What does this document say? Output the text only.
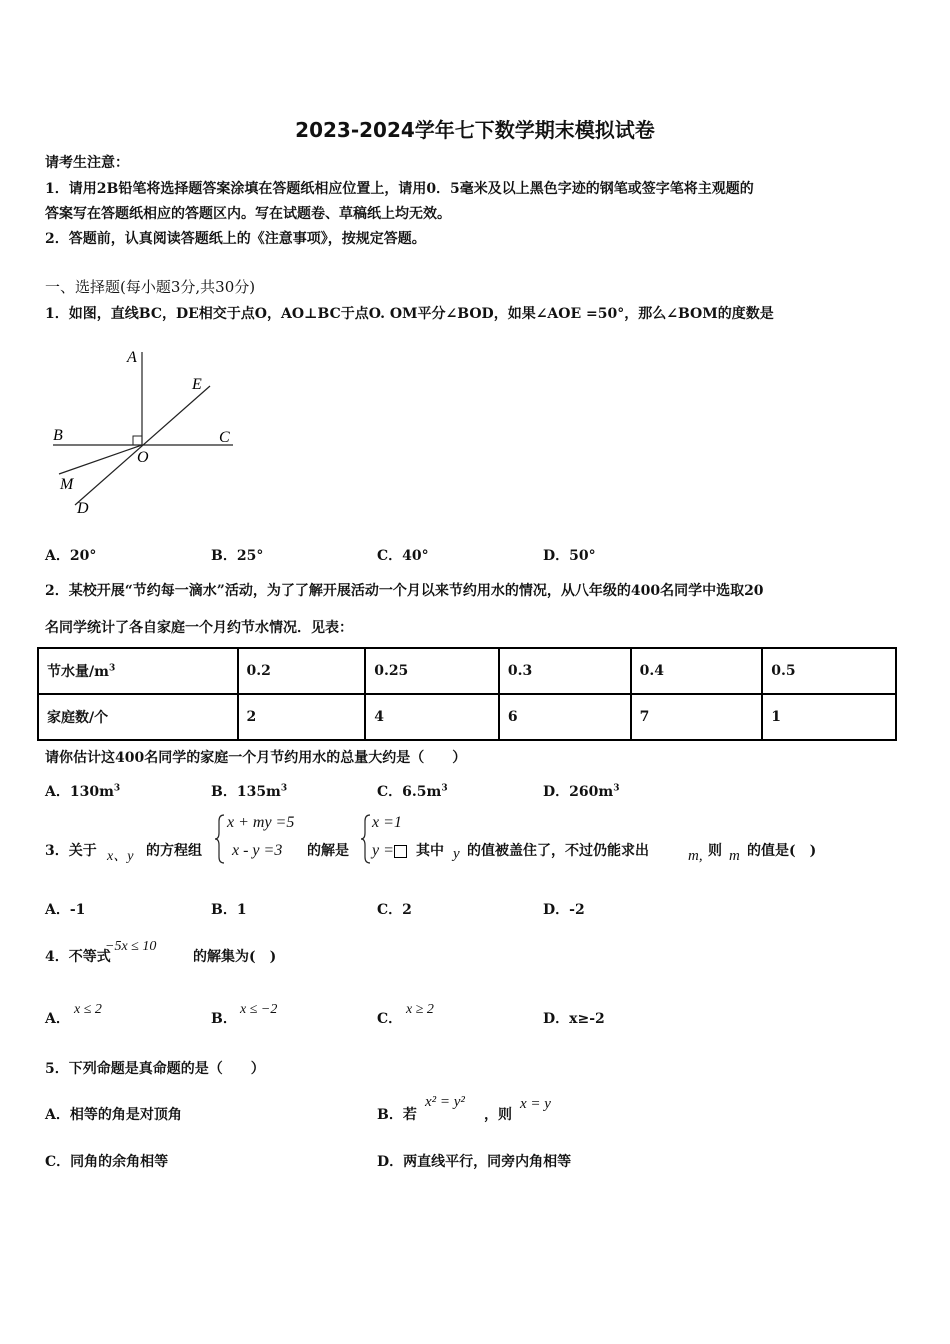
2023-2024学年七下数学期末模拟试卷
请考生注意：
1．请用2B铅笔将选择题答案涂填在答题纸相应位置上，请用0．5毫米及以上黑色字迹的钢笔或签字笔将主观题的
答案写在答题纸相应的答题区内。写在试题卷、草稿纸上均无效。
2．答题前，认真阅读答题纸上的《注意事项》，按规定答题。
一、选择题(每小题3分,共30分)
1．如图，直线BC，DE相交于点O，AO⊥BC于点O. OM平分∠BOD，如果∠AOE =50°，那么∠BOM的度数是
A
E
B	C
O
M
D
A．20°	B．25°	C．40°	D．50°
2．某校开展“节约每一滴水”活动，为了了解开展活动一个月以来节约用水的情况，从八年级的400名同学中选取20
名同学统计了各自家庭一个月约节水情况．见表：
节水量$/m^3$	0.2	0.25	0.3	0.4	0.5
家庭数/个	2	4	6	7	1
请你估计这400名同学的家庭一个月节约用水的总量大约是（　　）
A．$130m^3$	B．$135m^3$	C．$6.5m^3$	D．$260m^3$
3．关于 x、y 的方程组
x + my =5
x - y =3 的解是
x =1
y =	其中 y 的值被盖住了，不过仍能求出	m, 则 m 的值是(　)
A．-1	B．1	C．2	D．-2
4．不等式
−5x ≤ 10
的解集为(　)
A．
x ≤ 2
B．
x ≤ −2
C．
x ≥ 2
D．x≥-2
5．下列命题是真命题的是（　　）
A．相等的角是对顶角	B．若
x² = y²
，则
x = y
C．同角的余角相等	D．两直线平行，同旁内角相等
